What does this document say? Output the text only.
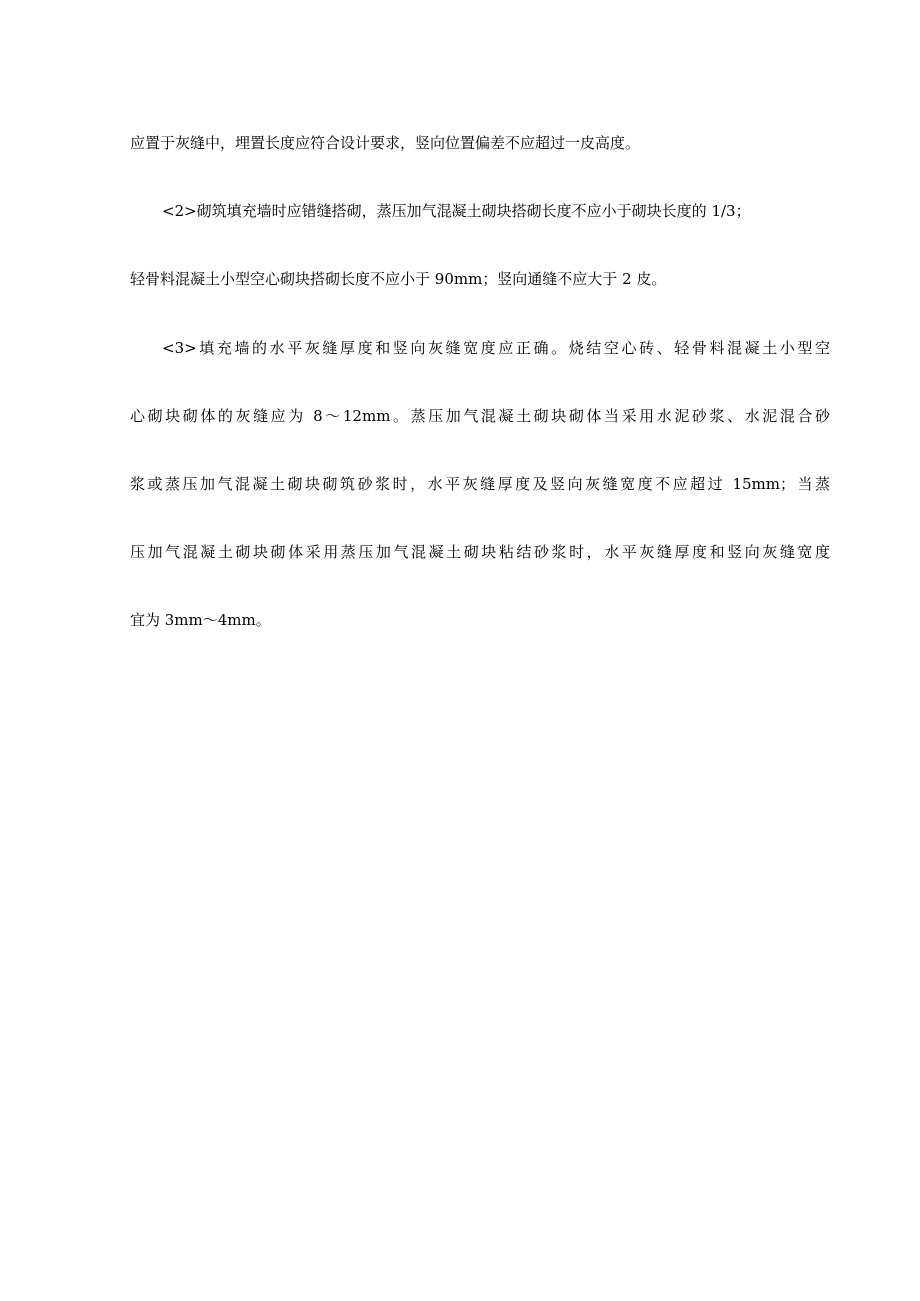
应置于灰缝中，埋置长度应符合设计要求，竖向位置偏差不应超过一皮高度。
<2>砌筑填充墙时应错缝搭砌，蒸压加气混凝土砌块搭砌长度不应小于砌块长度的 1/3；
轻骨料混凝土小型空心砌块搭砌长度不应小于 90mm；竖向通缝不应大于 2 皮。
<3>填充墙的水平灰缝厚度和竖向灰缝宽度应正确。烧结空心砖、轻骨料混凝土小型空
心砌块砌体的灰缝应为 8～12mm。蒸压加气混凝土砌块砌体当采用水泥砂浆、水泥混合砂
浆或蒸压加气混凝土砌块砌筑砂浆时，水平灰缝厚度及竖向灰缝宽度不应超过 15mm；当蒸
压加气混凝土砌块砌体采用蒸压加气混凝土砌块粘结砂浆时，水平灰缝厚度和竖向灰缝宽度
宜为 3mm～4mm。
